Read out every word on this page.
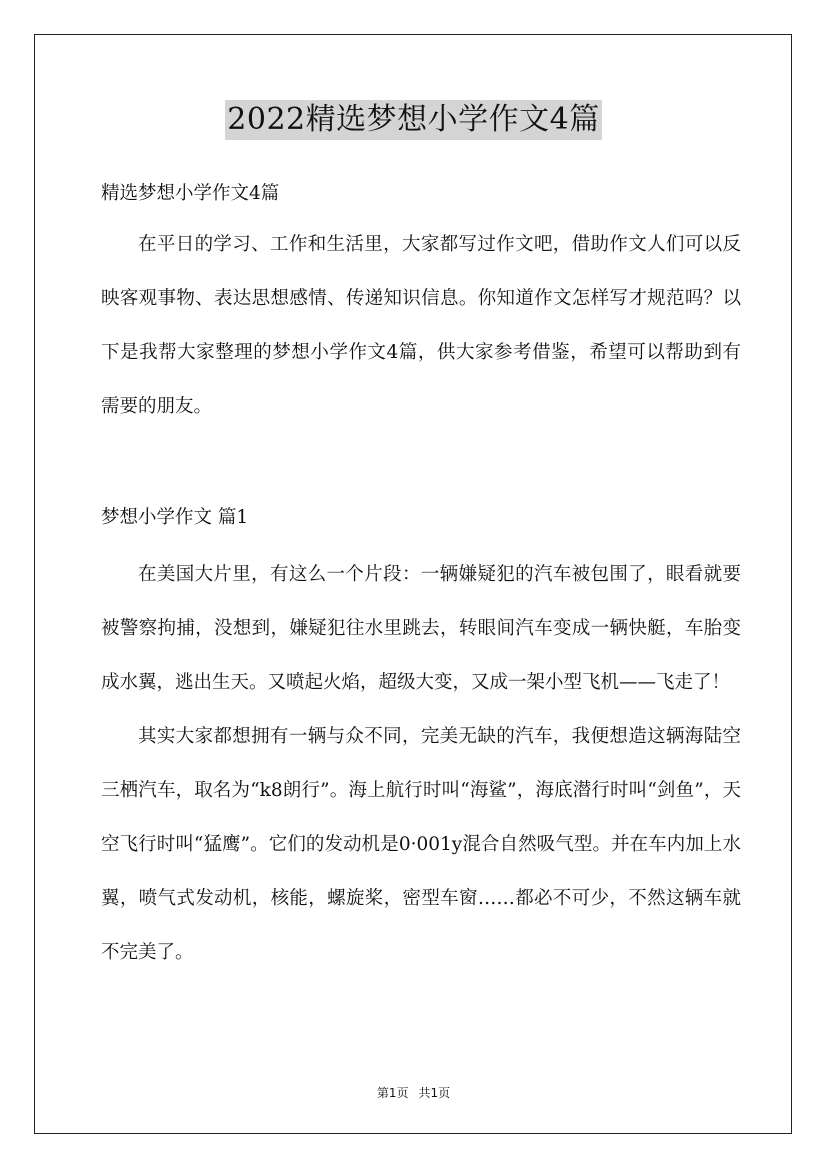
2022精选梦想小学作文4篇
精选梦想小学作文4篇

在平日的学习、工作和生活里，大家都写过作文吧，借助作文人们可以反映客观事物、表达思想感情、传递知识信息。你知道作文怎样写才规范吗？以下是我帮大家整理的梦想小学作文4篇，供大家参考借鉴，希望可以帮助到有需要的朋友。

梦想小学作文 篇1

在美国大片里，有这么一个片段：一辆嫌疑犯的汽车被包围了，眼看就要被警察拘捕，没想到，嫌疑犯往水里跳去，转眼间汽车变成一辆快艇，车胎变成水翼，逃出生天。又喷起火焰，超级大变，又成一架小型飞机——飞走了！

其实大家都想拥有一辆与众不同，完美无缺的汽车，我便想造这辆海陆空三栖汽车，取名为“k8朗行”。海上航行时叫“海鲨”，海底潜行时叫“剑鱼”，天空飞行时叫“猛鹰”。它们的发动机是0·001y混合自然吸气型。并在车内加上水翼，喷气式发动机，核能，螺旋桨，密型车窗……都必不可少，不然这辆车就不完美了。

第1页 共1页
